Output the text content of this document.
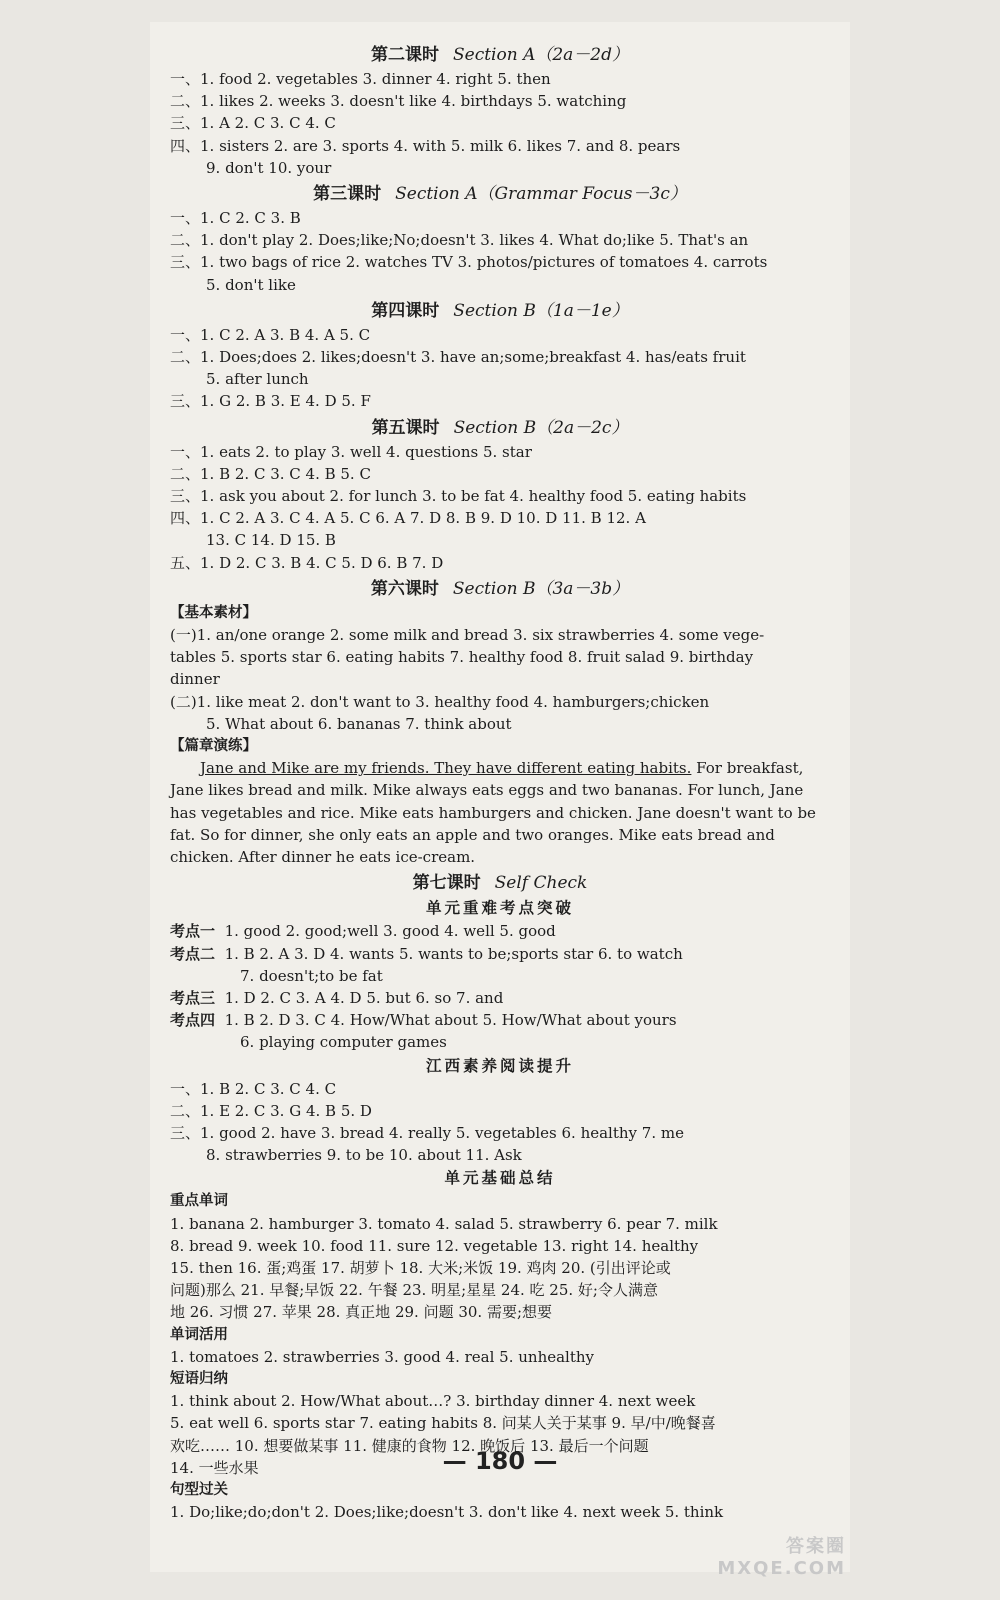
第二课时 Section A（2a－2d）
一、1. food 2. vegetables 3. dinner 4. right 5. then
二、1. likes 2. weeks 3. doesn't like 4. birthdays 5. watching
三、1. A 2. C 3. C 4. C
四、1. sisters 2. are 3. sports 4. with 5. milk 6. likes 7. and 8. pears
9. don't 10. your
第三课时 Section A（Grammar Focus－3c）
一、1. C 2. C 3. B
二、1. don't play 2. Does;like;No;doesn't 3. likes 4. What do;like 5. That's an
三、1. two bags of rice 2. watches TV 3. photos/pictures of tomatoes 4. carrots
5. don't like
第四课时 Section B（1a－1e）
一、1. C 2. A 3. B 4. A 5. C
二、1. Does;does 2. likes;doesn't 3. have an;some;breakfast 4. has/eats fruit
5. after lunch
三、1. G 2. B 3. E 4. D 5. F
第五课时 Section B（2a－2c）
一、1. eats 2. to play 3. well 4. questions 5. star
二、1. B 2. C 3. C 4. B 5. C
三、1. ask you about 2. for lunch 3. to be fat 4. healthy food 5. eating habits
四、1. C 2. A 3. C 4. A 5. C 6. A 7. D 8. B 9. D 10. D 11. B 12. A
13. C 14. D 15. B
五、1. D 2. C 3. B 4. C 5. D 6. B 7. D
第六课时 Section B（3a－3b）
【基本素材】
(一)1. an/one orange 2. some milk and bread 3. six strawberries 4. some vege-
tables 5. sports star 6. eating habits 7. healthy food 8. fruit salad 9. birthday
dinner
(二)1. like meat 2. don't want to 3. healthy food 4. hamburgers;chicken
5. What about 6. bananas 7. think about
【篇章演练】
Jane and Mike are my friends. They have different eating habits. For breakfast, Jane likes bread and milk. Mike always eats eggs and two bananas. For lunch, Jane has vegetables and rice. Mike eats hamburgers and chicken. Jane doesn't want to be fat. So for dinner, she only eats an apple and two oranges. Mike eats bread and chicken. After dinner he eats ice-cream.
第七课时 Self Check
单元重难考点突破
考点一 1. good 2. good;well 3. good 4. well 5. good
考点二 1. B 2. A 3. D 4. wants 5. wants to be;sports star 6. to watch
7. doesn't;to be fat
考点三 1. D 2. C 3. A 4. D 5. but 6. so 7. and
考点四 1. B 2. D 3. C 4. How/What about 5. How/What about yours
6. playing computer games
江西素养阅读提升
一、1. B 2. C 3. C 4. C
二、1. E 2. C 3. G 4. B 5. D
三、1. good 2. have 3. bread 4. really 5. vegetables 6. healthy 7. me
8. strawberries 9. to be 10. about 11. Ask
单元基础总结
重点单词
1. banana 2. hamburger 3. tomato 4. salad 5. strawberry 6. pear 7. milk
8. bread 9. week 10. food 11. sure 12. vegetable 13. right 14. healthy
15. then 16. 蛋;鸡蛋 17. 胡萝卜 18. 大米;米饭 19. 鸡肉 20. (引出评论或
问题)那么 21. 早餐;早饭 22. 午餐 23. 明星;星星 24. 吃 25. 好;令人满意
地 26. 习惯 27. 苹果 28. 真正地 29. 问题 30. 需要;想要
单词活用
1. tomatoes 2. strawberries 3. good 4. real 5. unhealthy
短语归纳
1. think about 2. How/What about…? 3. birthday dinner 4. next week
5. eat well 6. sports star 7. eating habits 8. 问某人关于某事 9. 早/中/晚餐喜
欢吃…… 10. 想要做某事 11. 健康的食物 12. 晚饭后 13. 最后一个问题
14. 一些水果
句型过关
1. Do;like;do;don't 2. Does;like;doesn't 3. don't like 4. next week 5. think
— 180 —
答案圈 MXQE.COM
